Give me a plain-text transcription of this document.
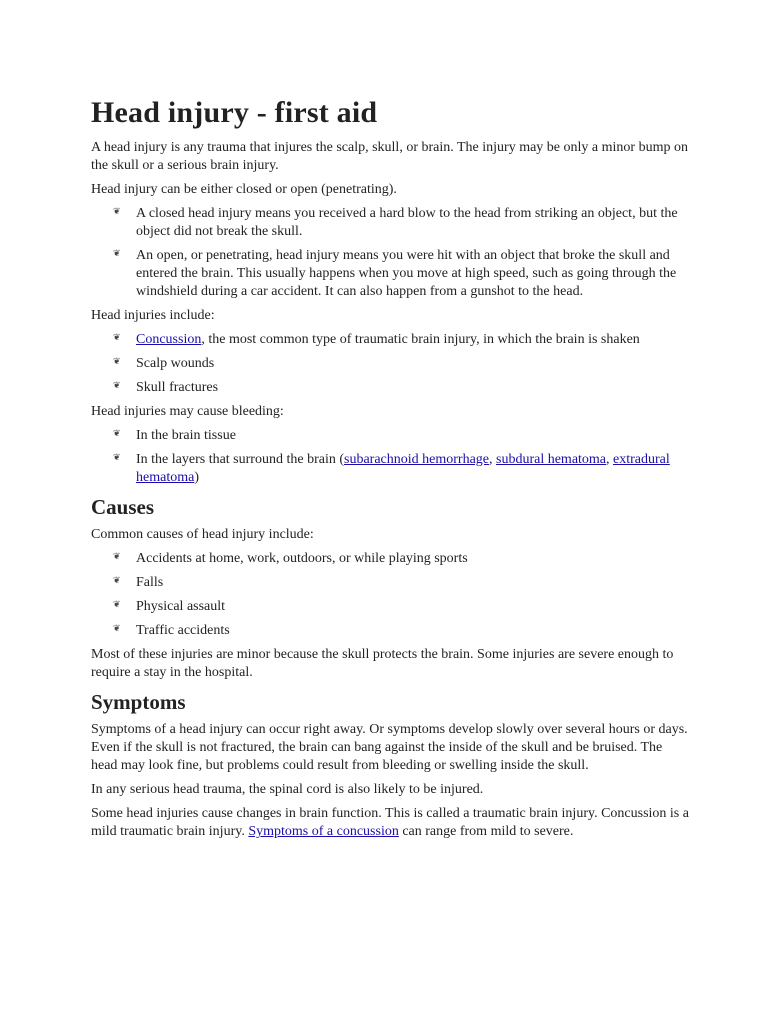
Head injury - first aid

A head injury is any trauma that injures the scalp, skull, or brain. The injury may be only a minor bump on the skull or a serious brain injury.

Head injury can be either closed or open (penetrating).

❦ A closed head injury means you received a hard blow to the head from striking an object, but the object did not break the skull.
❦ An open, or penetrating, head injury means you were hit with an object that broke the skull and entered the brain. This usually happens when you move at high speed, such as going through the windshield during a car accident. It can also happen from a gunshot to the head.

Head injuries include:

❦ Concussion, the most common type of traumatic brain injury, in which the brain is shaken
❦ Scalp wounds
❦ Skull fractures

Head injuries may cause bleeding:

❦ In the brain tissue
❦ In the layers that surround the brain (subarachnoid hemorrhage, subdural hematoma, extradural hematoma)
Causes

Common causes of head injury include:

❦ Accidents at home, work, outdoors, or while playing sports
❦ Falls
❦ Physical assault
❦ Traffic accidents

Most of these injuries are minor because the skull protects the brain. Some injuries are severe enough to require a stay in the hospital.

Symptoms

Symptoms of a head injury can occur right away. Or symptoms develop slowly over several hours or days. Even if the skull is not fractured, the brain can bang against the inside of the skull and be bruised. The head may look fine, but problems could result from bleeding or swelling inside the skull.

In any serious head trauma, the spinal cord is also likely to be injured.

Some head injuries cause changes in brain function. This is called a traumatic brain injury. Concussion is a mild traumatic brain injury. Symptoms of a concussion can range from mild to severe.
